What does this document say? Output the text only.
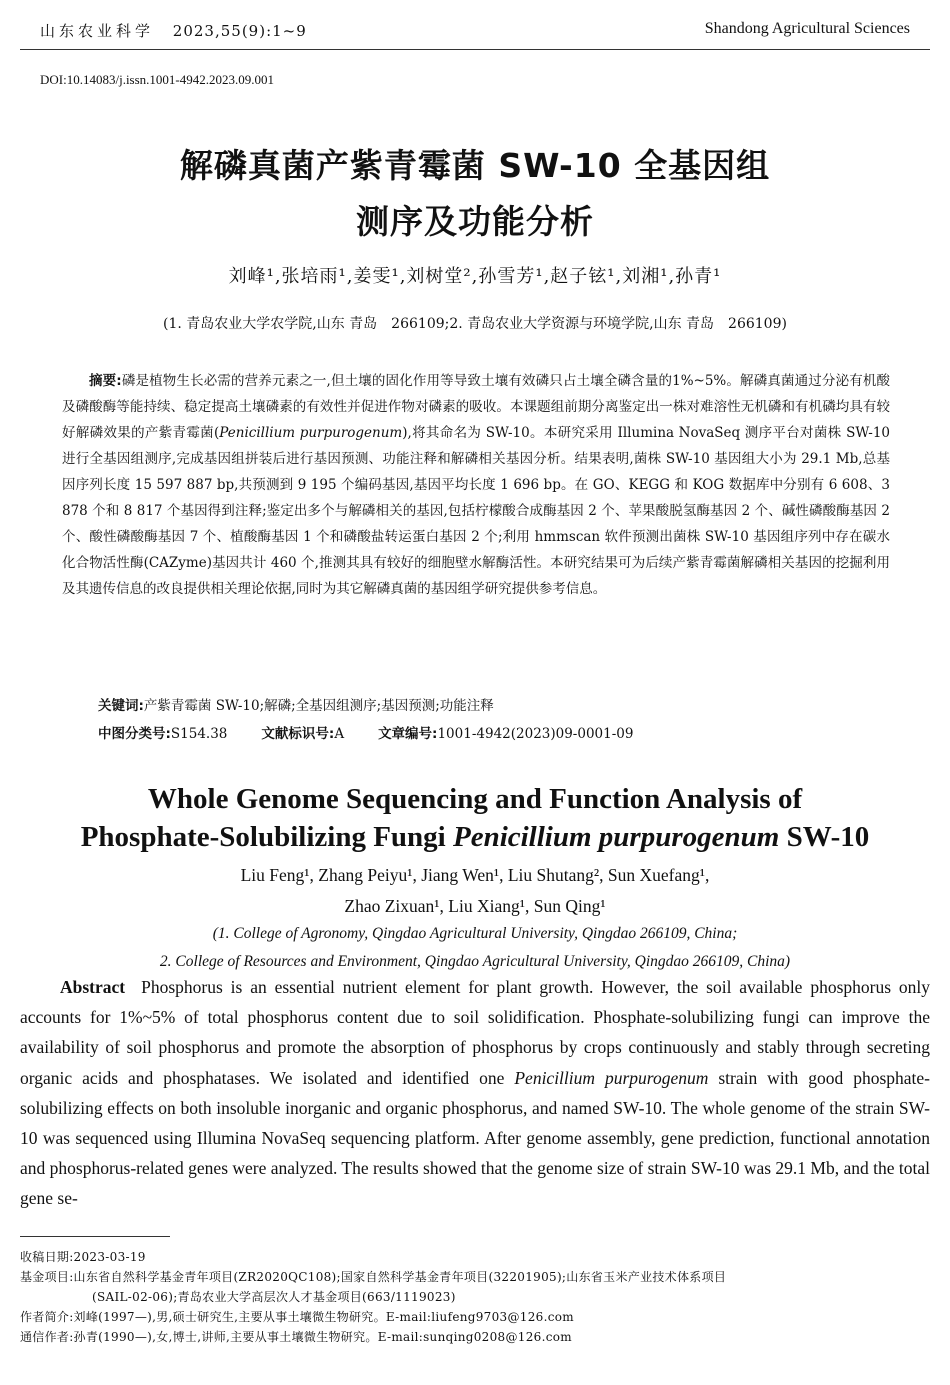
山东农业科学 2023,55(9):1~9	Shandong Agricultural Sciences
DOI:10.14083/j.issn.1001-4942.2023.09.001
解磷真菌产紫青霉菌 SW-10 全基因组
测序及功能分析
刘峰¹,张培雨¹,姜雯¹,刘树堂²,孙雪芳¹,赵子铉¹,刘湘¹,孙青¹
(1. 青岛农业大学农学院,山东 青岛　266109;2. 青岛农业大学资源与环境学院,山东 青岛　266109)
摘要:磷是植物生长必需的营养元素之一,但土壤的固化作用等导致土壤有效磷只占土壤全磷含量的1%~5%。解磷真菌通过分泌有机酸及磷酸酶等能持续、稳定提高土壤磷素的有效性并促进作物对磷素的吸收。本课题组前期分离鉴定出一株对难溶性无机磷和有机磷均具有较好解磷效果的产紫青霉菌(Penicillium purpurogenum),将其命名为 SW-10。本研究采用 Illumina NovaSeq 测序平台对菌株 SW-10 进行全基因组测序,完成基因组拼装后进行基因预测、功能注释和解磷相关基因分析。结果表明,菌株 SW-10 基因组大小为 29.1 Mb,总基因序列长度 15 597 887 bp,共预测到 9 195 个编码基因,基因平均长度 1 696 bp。在 GO、KEGG 和 KOG 数据库中分别有 6 608、3 878 个和 8 817 个基因得到注释;鉴定出多个与解磷相关的基因,包括柠檬酸合成酶基因 2 个、苹果酸脱氢酶基因 2 个、碱性磷酸酶基因 2 个、酸性磷酸酶基因 7 个、植酸酶基因 1 个和磷酸盐转运蛋白基因 2 个;利用 hmmscan 软件预测出菌株 SW-10 基因组序列中存在碳水化合物活性酶(CAZyme)基因共计 460 个,推测其具有较好的细胞壁水解酶活性。本研究结果可为后续产紫青霉菌解磷相关基因的挖掘利用及其遗传信息的改良提供相关理论依据,同时为其它解磷真菌的基因组学研究提供参考信息。
关键词:产紫青霉菌 SW-10;解磷;全基因组测序;基因预测;功能注释
中图分类号:S154.38	文献标识号:A	文章编号:1001-4942(2023)09-0001-09
Whole Genome Sequencing and Function Analysis of
Phosphate-Solubilizing Fungi Penicillium purpurogenum SW-10
Liu Feng¹, Zhang Peiyu¹, Jiang Wen¹, Liu Shutang², Sun Xuefang¹,
Zhao Zixuan¹, Liu Xiang¹, Sun Qing¹
(1. College of Agronomy, Qingdao Agricultural University, Qingdao 266109, China;
2. College of Resources and Environment, Qingdao Agricultural University, Qingdao 266109, China)
Abstract Phosphorus is an essential nutrient element for plant growth. However, the soil available phosphorus only accounts for 1%~5% of total phosphorus content due to soil solidification. Phosphate-solubilizing fungi can improve the availability of soil phosphorus and promote the absorption of phosphorus by crops continuously and stably through secreting organic acids and phosphatases. We isolated and identified one Penicillium purpurogenum strain with good phosphate-solubilizing effects on both insoluble inorganic and organic phosphorus, and named SW-10. The whole genome of the strain SW-10 was sequenced using Illumina NovaSeq sequencing platform. After genome assembly, gene prediction, functional annotation and phosphorus-related genes were analyzed. The results showed that the genome size of strain SW-10 was 29.1 Mb, and the total gene se-
收稿日期:2023-03-19
基金项目:山东省自然科学基金青年项目(ZR2020QC108);国家自然科学基金青年项目(32201905);山东省玉米产业技术体系项目
(SAIL-02-06);青岛农业大学高层次人才基金项目(663/1119023)
作者简介:刘峰(1997—),男,硕士研究生,主要从事土壤微生物研究。E-mail:liufeng9703@126.com
通信作者:孙青(1990—),女,博士,讲师,主要从事土壤微生物研究。E-mail:sunqing0208@126.com
